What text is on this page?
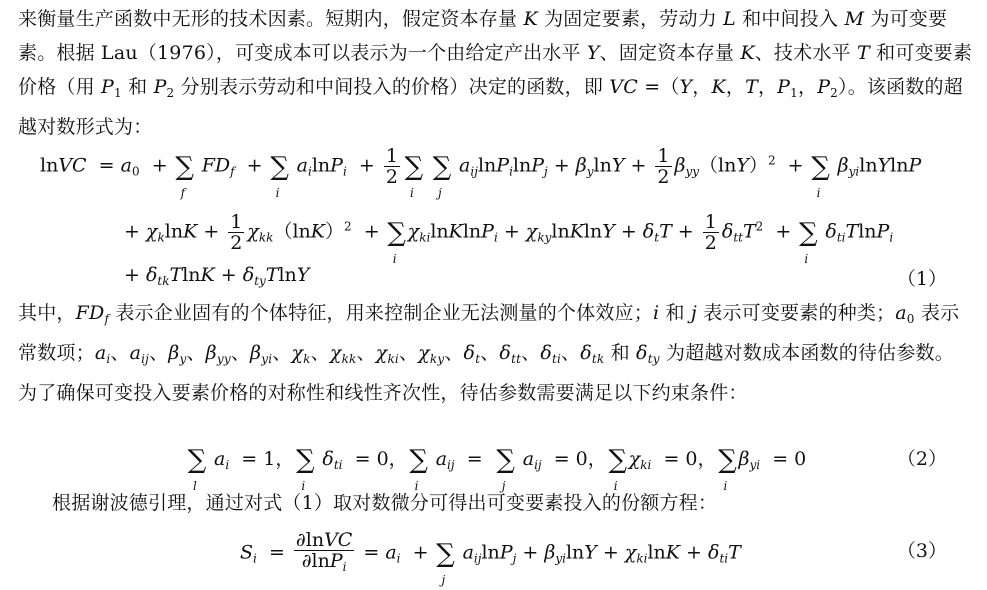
来衡量生产函数中无形的技术因素。短期内，假定资本存量 K 为固定要素，劳动力 L 和中间投入 M 为可变要素。根据 Lau（1976），可变成本可以表示为一个由给定产出水平 Y、固定资本存量 K、技术水平 T 和可变要素价格（用 $P_1$ 和 $P_2$ 分别表示劳动和中间投入的价格）决定的函数，即 VC =（Y，K，T，$P_1$，$P_2$）。该函数的超越对数形式为：
lnVC  = $a_0$  + ∑
f
$FD_f$  + ∑
i
$a_i\ln P_i + \frac{1}{2}$ ∑
i
∑
j
$a_{ij}\ln P_i\ln P_j + \beta_y\ln Y + \frac{1}{2} \beta_{yy}(\ln Y)^2$  + ∑
i
$\beta_{yi}lnYlnP$
+ $\chi_k\ln K + \frac{1}{2} \chi_{kk}(\ln K)^2$  + ∑
i
$\chi_{ki}lnKlnP_i + \chi_{ky}lnKlnY + \delta_tT + \frac{1}{2} \delta_{tt}T^2$  + ∑
i
$\delta_{ti}TlnP_i$
+ $\delta_{tk}TlnK + \delta_{ty}TlnY$	（1）
其中，$FD_f$ 表示企业固有的个体特征，用来控制企业无法测量的个体效应；i 和 j 表示可变要素的种类；$a_0$ 表示常数项；$a_i$、$a_{ij}$、$\beta_y$、$\beta_{yy}$、$\beta_{yi}$、$\chi_k$、$\chi_{kk}$、$\chi_{ki}$、$\chi_{ky}$、$\delta_t$、$\delta_{tt}$、$\delta_{ti}$、$\delta_{tk}$ 和 $\delta_{ty}$ 为超越对数成本函数的待估参数。为了确保可变投入要素价格的对称性和线性齐次性，待估参数需要满足以下约束条件：
∑
l
$a_i = 1$，∑
i
$\delta_{ti} = 0$，∑
i
$a_{ij}$  =  ∑
j
$a_{ij} = 0$，∑
i
$\chi_{ki} = 0$，∑
i
$\beta_{yi} = 0$	（2）
根据谢波德引理，通过对式（1）取对数微分可得出可变要素投入的份额方程：
$S_i = \frac{\text{∂lnVC}}{\partial\ln P_i} = a_i$  + ∑
j
$a_{ij}\ln P_j + \beta_{yi}\ln Y + \chi_{ki}\ln K + \delta_{ti}T$	（3）
